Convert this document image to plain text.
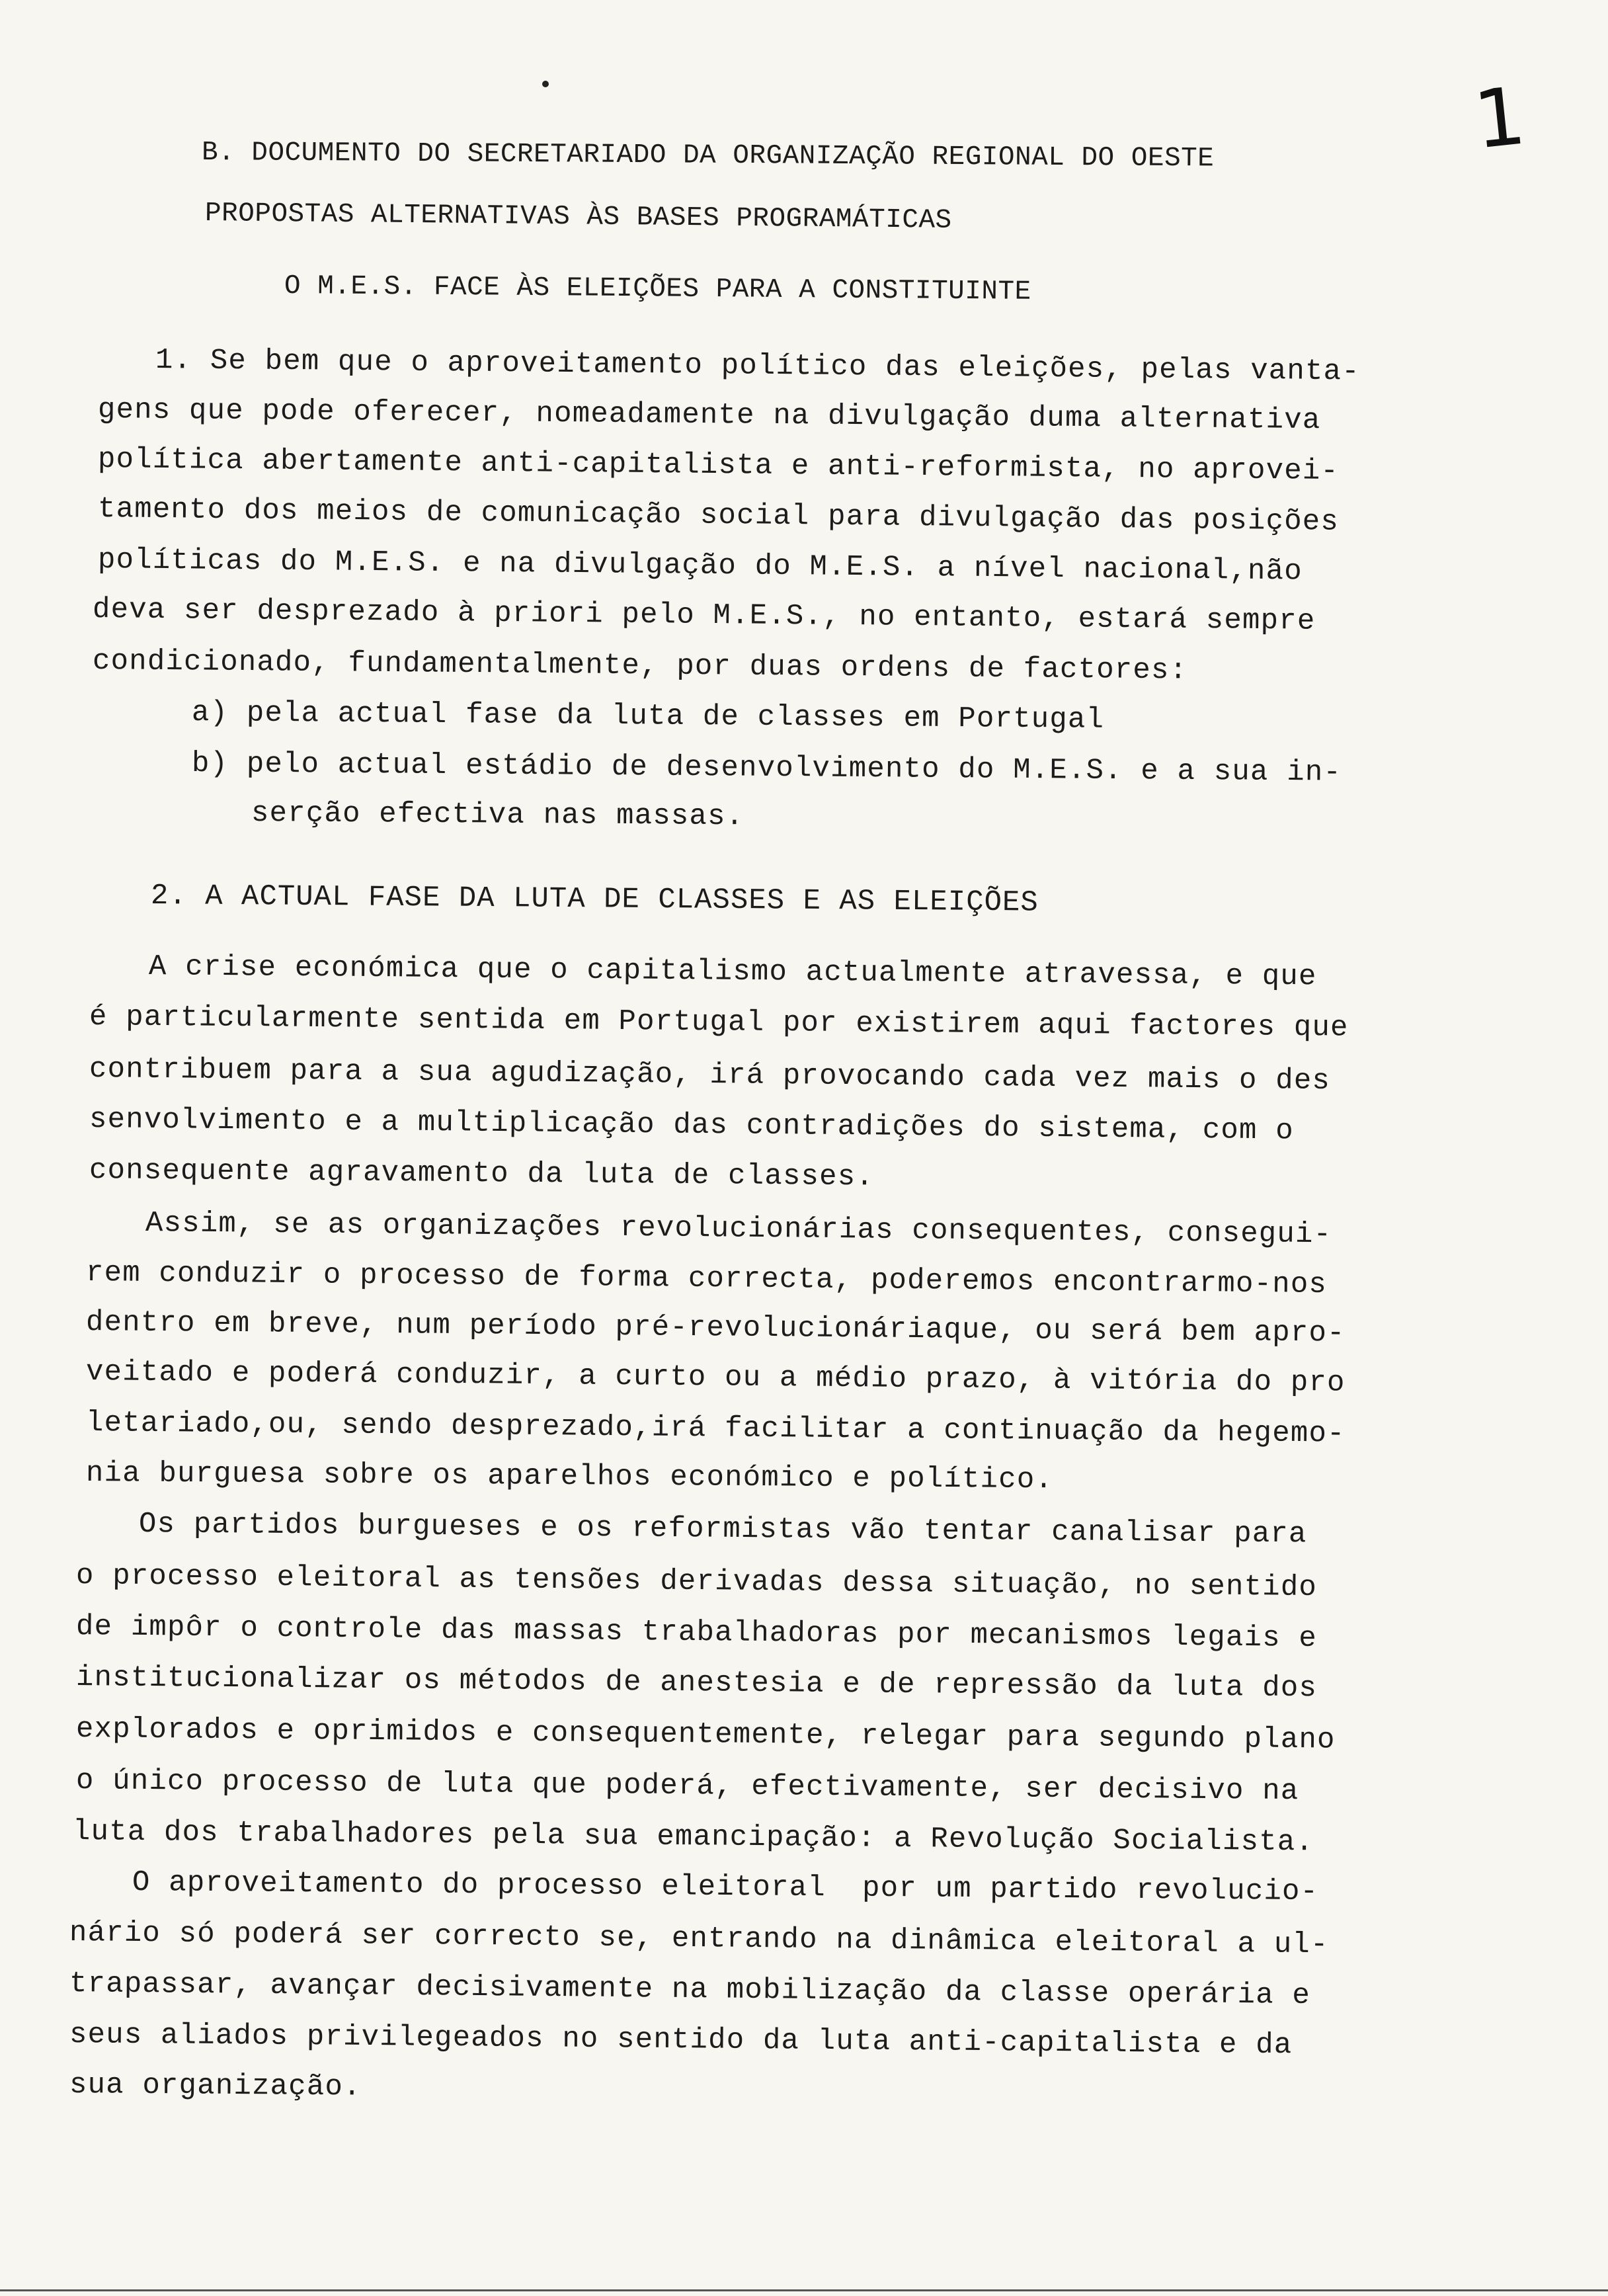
1
B. DOCUMENTO DO SECRETARIADO DA ORGANIZAÇÃO REGIONAL DO OESTE
PROPOSTAS ALTERNATIVAS ÀS BASES PROGRAMÁTICAS
O M.E.S. FACE ÀS ELEIÇÕES PARA A CONSTITUINTE
1. Se bem que o aproveitamento político das eleições, pelas vanta-
gens que pode oferecer, nomeadamente na divulgação duma alternativa
política abertamente anti-capitalista e anti-reformista, no aprovei-
tamento dos meios de comunicação social para divulgação das posições
políticas do M.E.S. e na divulgação do M.E.S. a nível nacional,não
deva ser desprezado à priori pelo M.E.S., no entanto, estará sempre
condicionado, fundamentalmente, por duas ordens de factores:
a) pela actual fase da luta de classes em Portugal
b) pelo actual estádio de desenvolvimento do M.E.S. e a sua in-
serção efectiva nas massas.
2. A ACTUAL FASE DA LUTA DE CLASSES E AS ELEIÇÕES
A crise económica que o capitalismo actualmente atravessa, e que
é particularmente sentida em Portugal por existirem aqui factores que
contribuem para a sua agudização, irá provocando cada vez mais o des
senvolvimento e a multiplicação das contradições do sistema, com o
consequente agravamento da luta de classes.
Assim, se as organizações revolucionárias consequentes, consegui-
rem conduzir o processo de forma correcta, poderemos encontrarmo-nos
dentro em breve, num período pré-revolucionáriaque, ou será bem apro-
veitado e poderá conduzir, a curto ou a médio prazo, à vitória do pro
letariado,ou, sendo desprezado,irá facilitar a continuação da hegemo-
nia burguesa sobre os aparelhos económico e político.
Os partidos burgueses e os reformistas vão tentar canalisar para
o processo eleitoral as tensões derivadas dessa situação, no sentido
de impôr o controle das massas trabalhadoras por mecanismos legais e
institucionalizar os métodos de anestesia e de repressão da luta dos
explorados e oprimidos e consequentemente, relegar para segundo plano
o único processo de luta que poderá, efectivamente, ser decisivo na
luta dos trabalhadores pela sua emancipação: a Revolução Socialista.
O aproveitamento do processo eleitoral  por um partido revolucio-
nário só poderá ser correcto se, entrando na dinâmica eleitoral a ul-
trapassar, avançar decisivamente na mobilização da classe operária e
seus aliados privilegeados no sentido da luta anti-capitalista e da
sua organização.
